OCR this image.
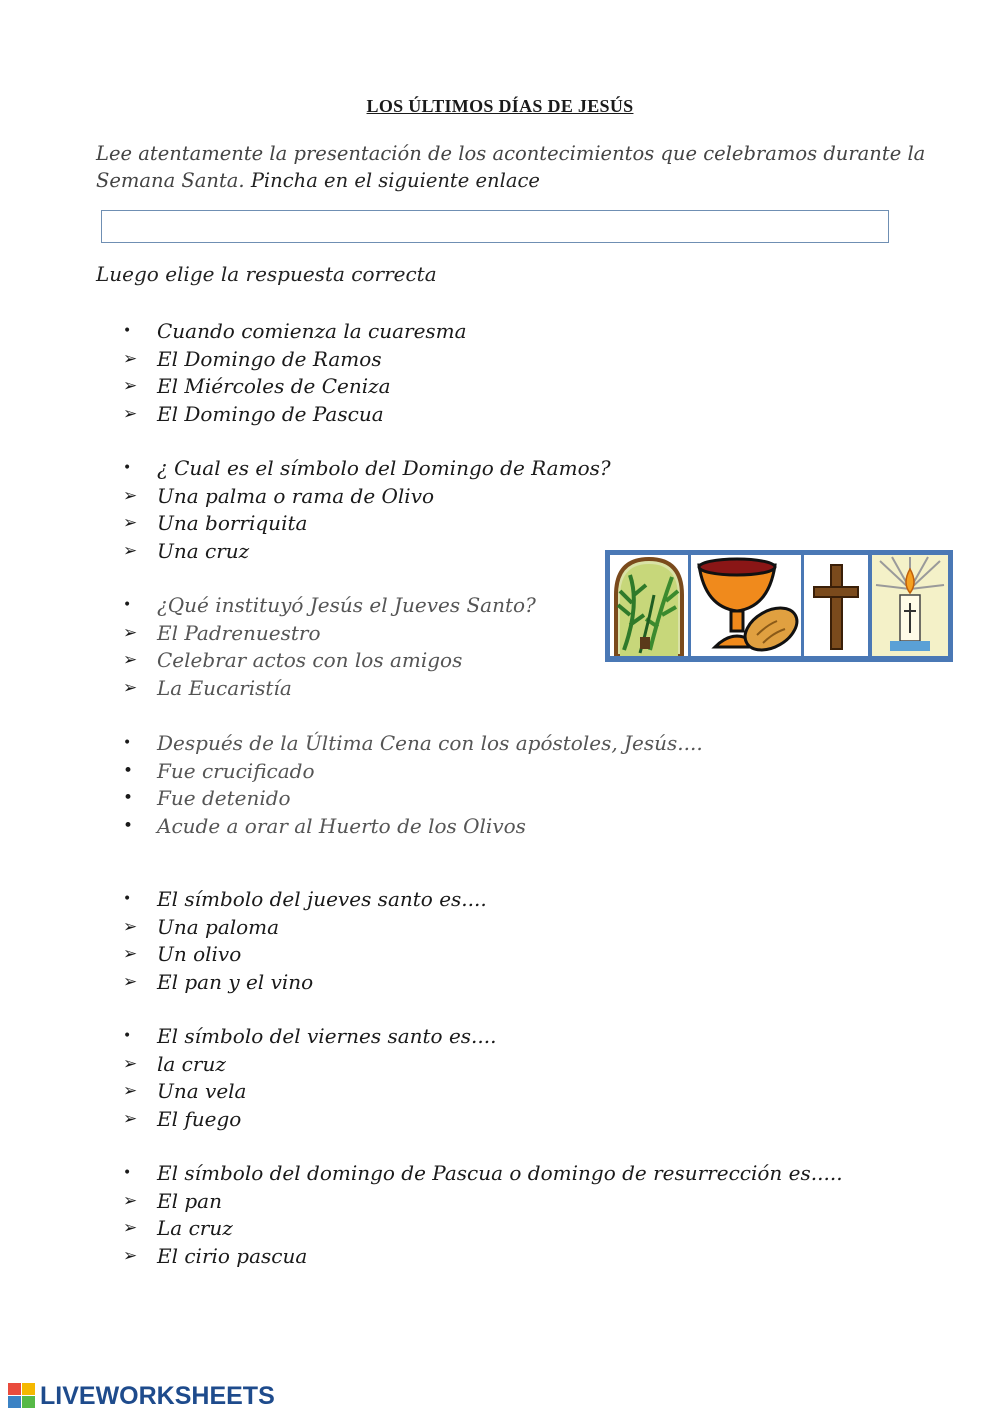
LOS ÚLTIMOS DÍAS DE JESÚS
Lee atentamente la presentación de los acontecimientos que celebramos durante la Semana Santa. Pincha en el siguiente enlace
Luego elige la respuesta correcta
•	Cuando comienza la cuaresma
➢ El Domingo de Ramos
➢ El Miércoles de Ceniza
➢ El Domingo de Pascua
•	¿ Cual es el símbolo del Domingo de Ramos?
➢ Una palma o rama de Olivo
➢ Una borriquita
➢ Una cruz
•	¿Qué instituyó Jesús el Jueves Santo?
➢ El Padrenuestro
➢ Celebrar actos con los amigos
➢ La Eucaristía
•	Después de la Última Cena con los apóstoles, Jesús....
•	Fue crucificado
•	Fue detenido
•	Acude a orar al Huerto de los Olivos
•	El símbolo del jueves santo es....
➢ Una paloma
➢ Un olivo
➢ El pan y el vino
•	El símbolo del viernes santo es....
➢ la cruz
➢ Una vela
➢ El fuego
•	El símbolo del domingo de Pascua o domingo de resurrección es.....
➢ El pan
➢ La cruz
➢ El cirio pascua
LIVEWORKSHEETS
